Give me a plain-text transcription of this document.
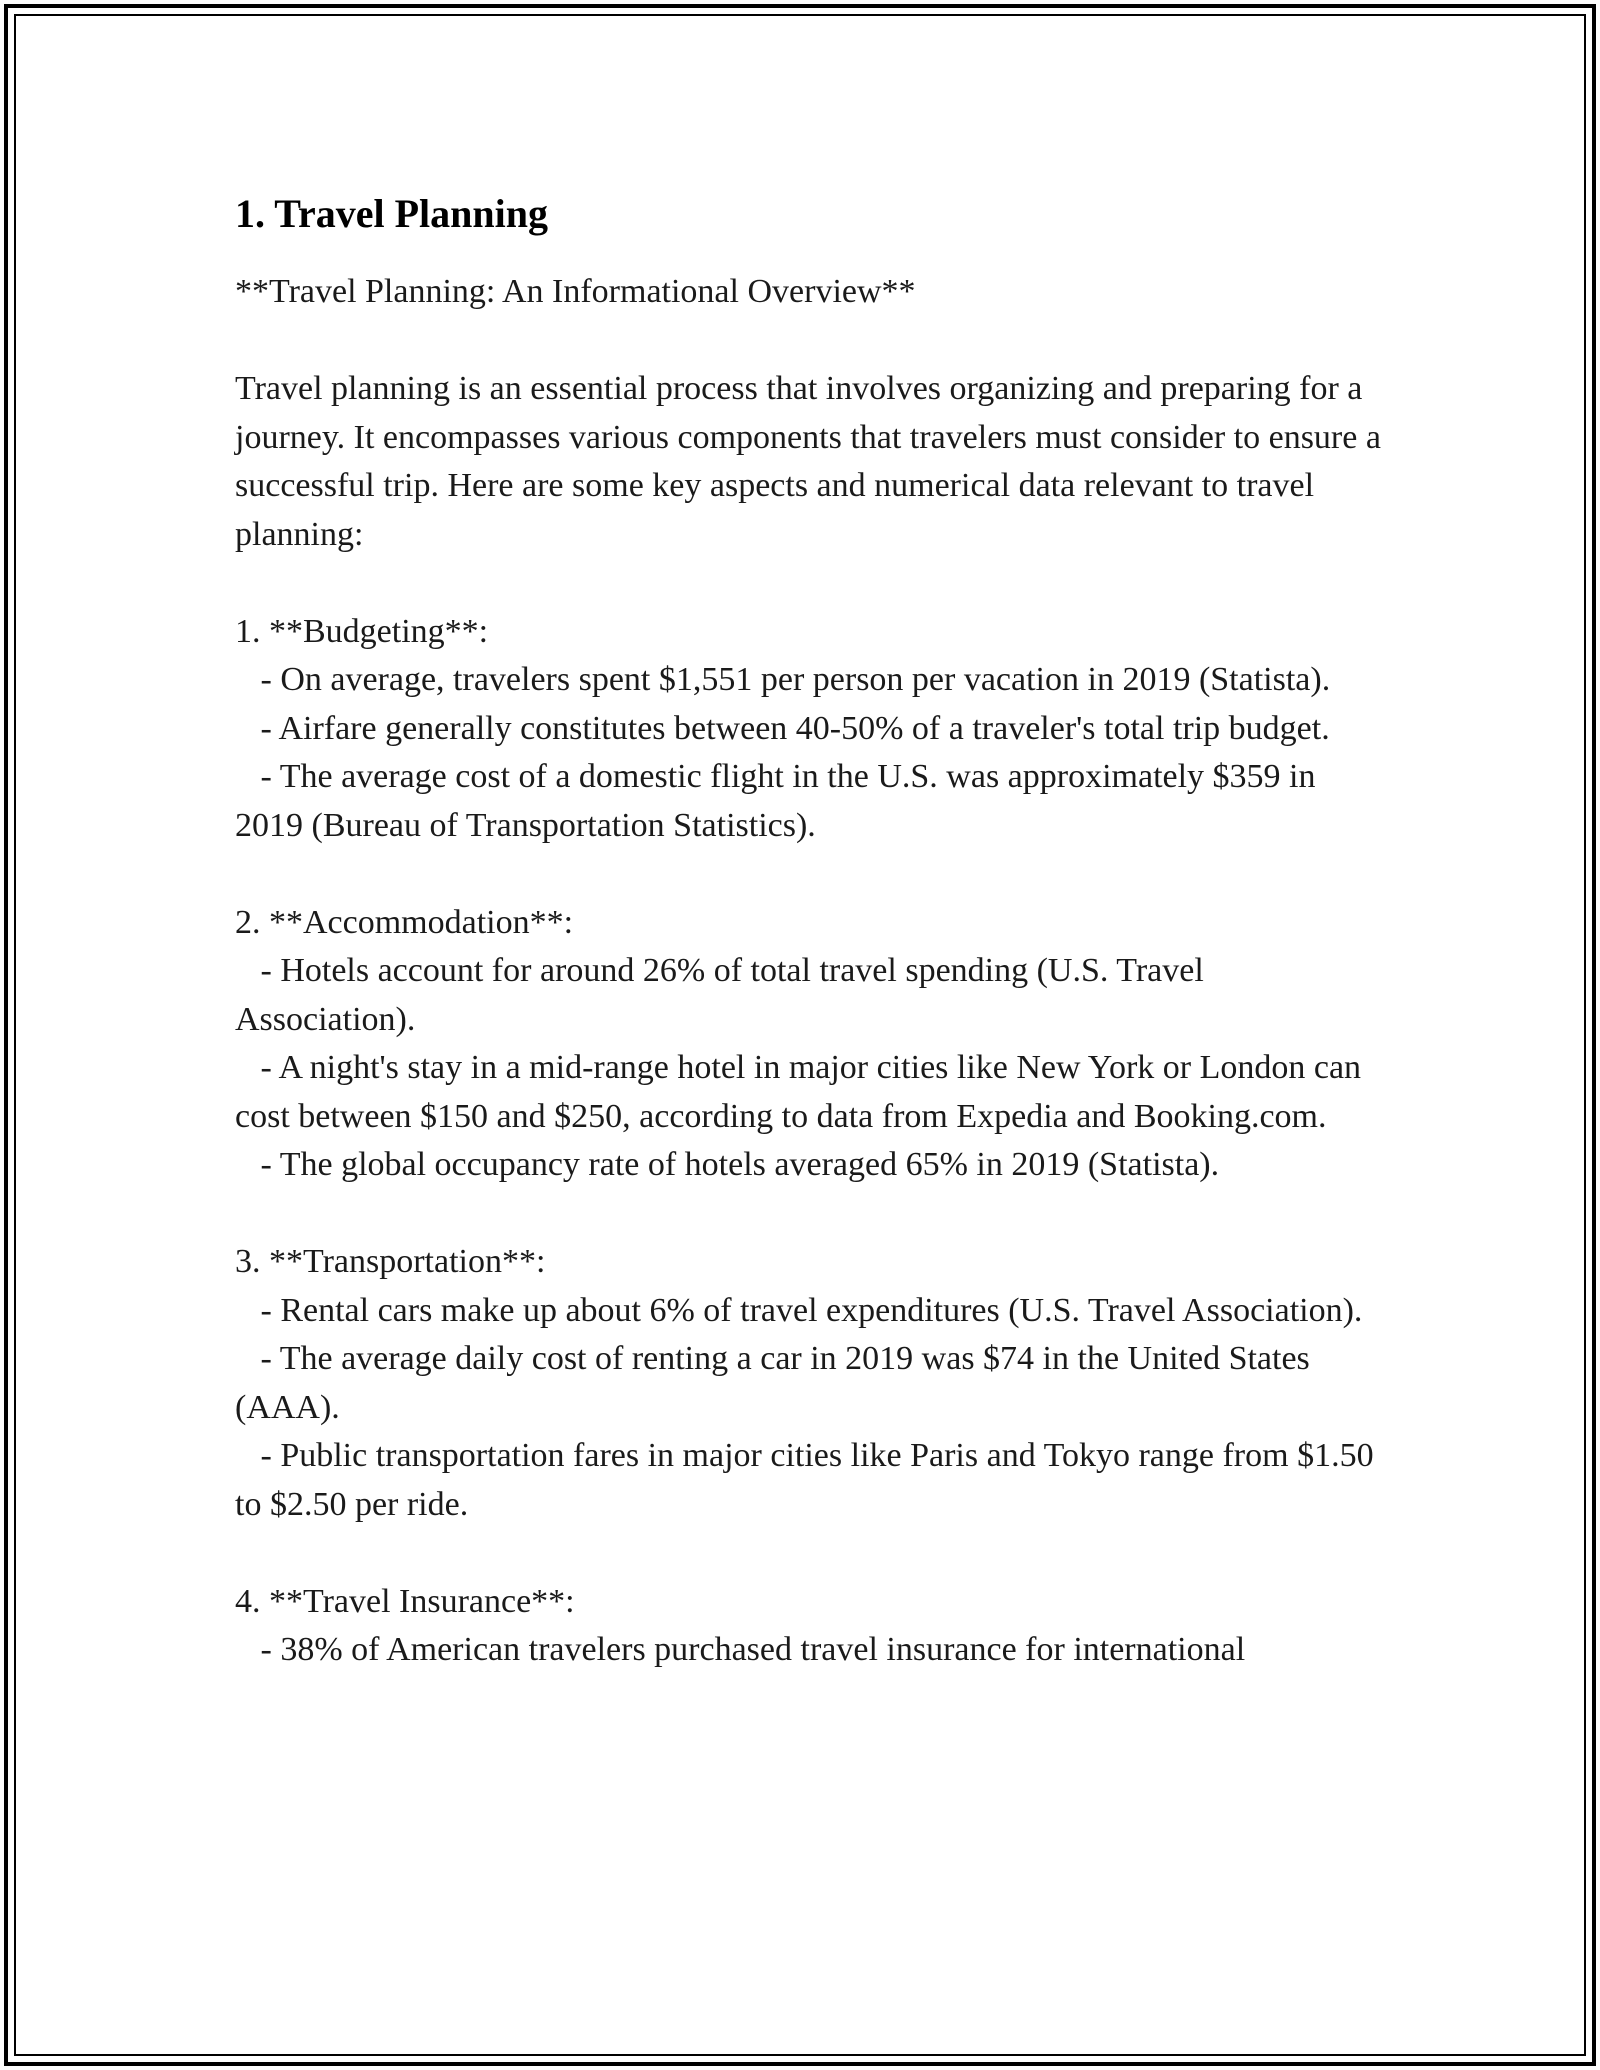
1. Travel Planning

**Travel Planning: An Informational Overview**

Travel planning is an essential process that involves organizing and preparing for a journey. It encompasses various components that travelers must consider to ensure a successful trip. Here are some key aspects and numerical data relevant to travel planning:

1. **Budgeting**:
- On average, travelers spent $1,551 per person per vacation in 2019 (Statista).
- Airfare generally constitutes between 40-50% of a traveler's total trip budget.
- The average cost of a domestic flight in the U.S. was approximately $359 in 2019 (Bureau of Transportation Statistics).

2. **Accommodation**:
- Hotels account for around 26% of total travel spending (U.S. Travel Association).
- A night's stay in a mid-range hotel in major cities like New York or London can cost between $150 and $250, according to data from Expedia and Booking.com.
- The global occupancy rate of hotels averaged 65% in 2019 (Statista).

3. **Transportation**:
- Rental cars make up about 6% of travel expenditures (U.S. Travel Association).
- The average daily cost of renting a car in 2019 was $74 in the United States (AAA).
- Public transportation fares in major cities like Paris and Tokyo range from $1.50 to $2.50 per ride.

4. **Travel Insurance**:
- 38% of American travelers purchased travel insurance for international
